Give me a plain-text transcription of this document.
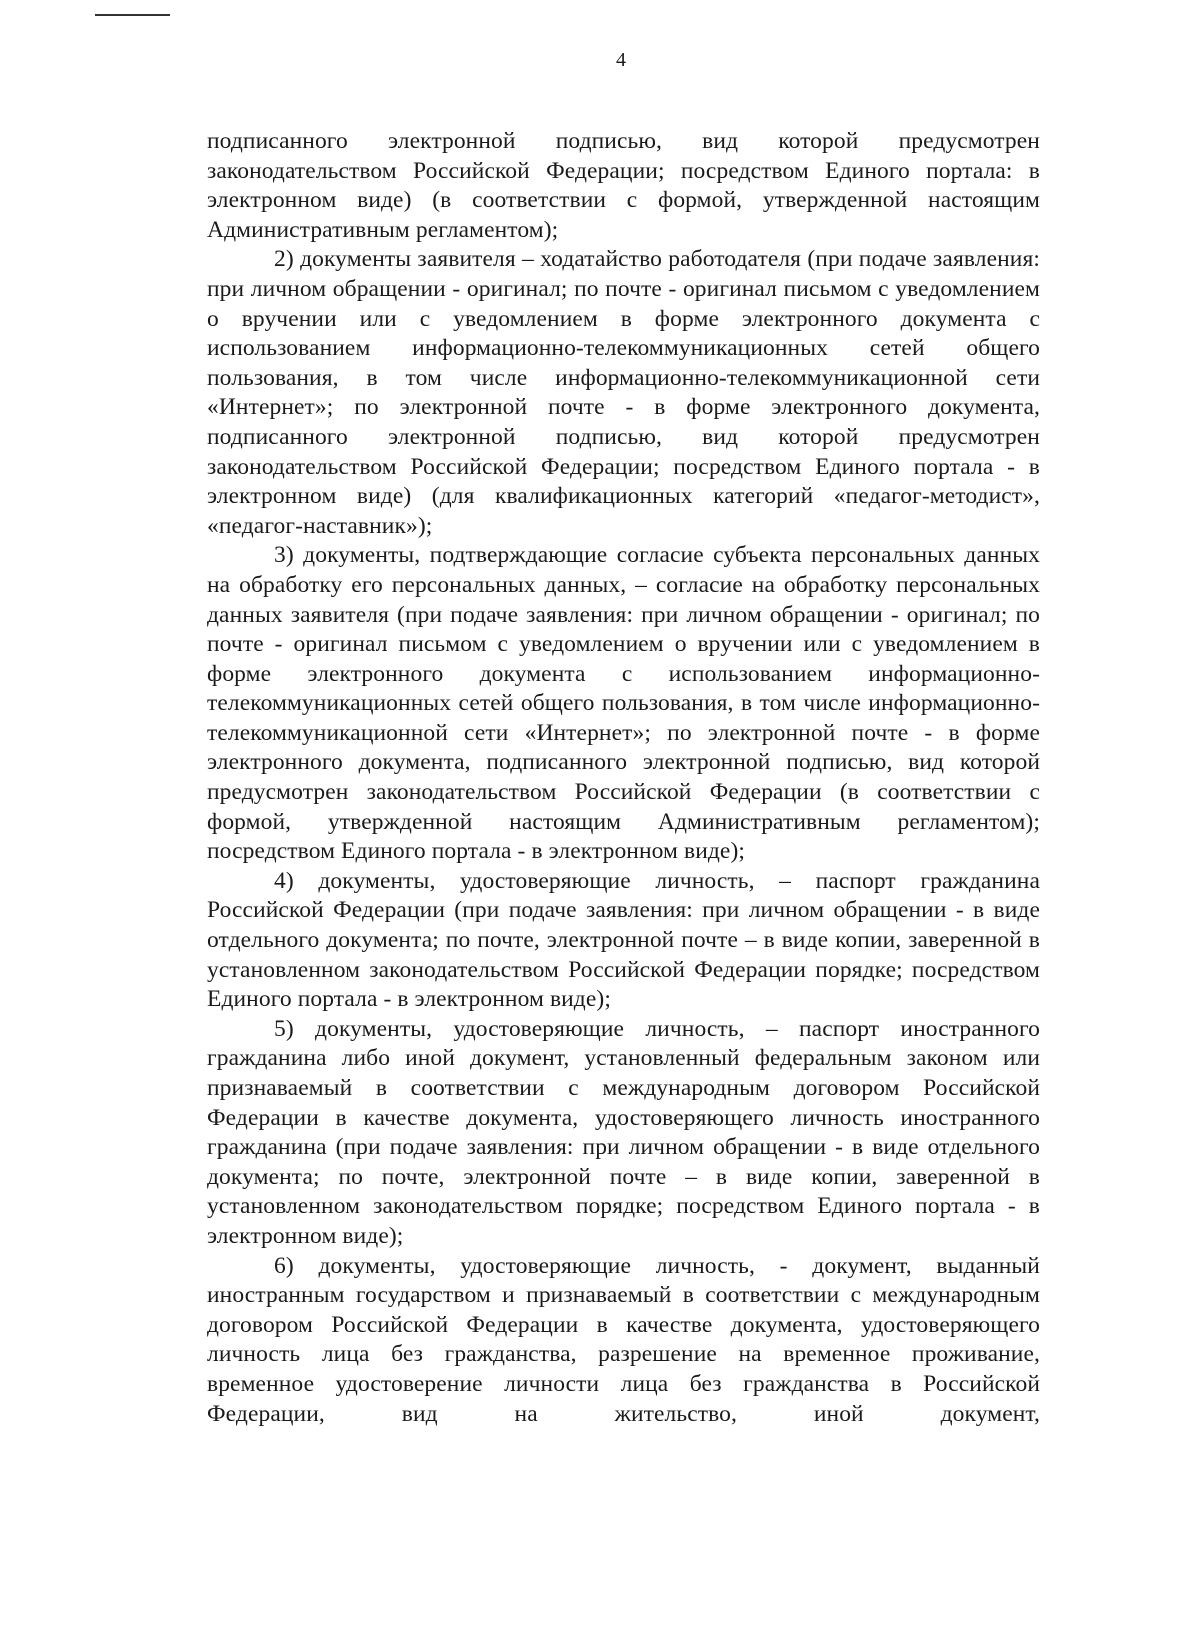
4

подписанного электронной подписью, вид которой предусмотрен законодательством Российской Федерации; посредством Единого портала: в электронном виде) (в соответствии с формой, утвержденной настоящим Административным регламентом);

2) документы заявителя – ходатайство работодателя (при подаче заявления: при личном обращении - оригинал; по почте - оригинал письмом с уведомлением о вручении или с уведомлением в форме электронного документа с использованием информационно-телекоммуникационных сетей общего пользования, в том числе информационно-телекоммуникационной сети «Интернет»; по электронной почте - в форме электронного документа, подписанного электронной подписью, вид которой предусмотрен законодательством Российской Федерации; посредством Единого портала - в электронном виде) (для квалификационных категорий «педагог-методист», «педагог-наставник»);

3) документы, подтверждающие согласие субъекта персональных данных на обработку его персональных данных, – согласие на обработку персональных данных заявителя (при подаче заявления: при личном обращении - оригинал; по почте - оригинал письмом с уведомлением о вручении или с уведомлением в форме электронного документа с использованием информационно-телекоммуникационных сетей общего пользования, в том числе информационно-телекоммуникационной сети «Интернет»; по электронной почте - в форме электронного документа, подписанного электронной подписью, вид которой предусмотрен законодательством Российской Федерации (в соответствии с формой, утвержденной настоящим Административным регламентом); посредством Единого портала - в электронном виде);

4) документы, удостоверяющие личность, – паспорт гражданина Российской Федерации (при подаче заявления: при личном обращении - в виде отдельного документа; по почте, электронной почте – в виде копии, заверенной в установленном законодательством Российской Федерации порядке; посредством Единого портала - в электронном виде);

5) документы, удостоверяющие личность, – паспорт иностранного гражданина либо иной документ, установленный федеральным законом или признаваемый в соответствии с международным договором Российской Федерации в качестве документа, удостоверяющего личность иностранного гражданина (при подаче заявления: при личном обращении - в виде отдельного документа; по почте, электронной почте – в виде копии, заверенной в установленном законодательством порядке; посредством Единого портала - в электронном виде);

6) документы, удостоверяющие личность, - документ, выданный иностранным государством и признаваемый в соответствии с международным договором Российской Федерации в качестве документа, удостоверяющего личность лица без гражданства, разрешение на временное проживание, временное удостоверение личности лица без гражданства в Российской Федерации, вид на жительство, иной документ,
